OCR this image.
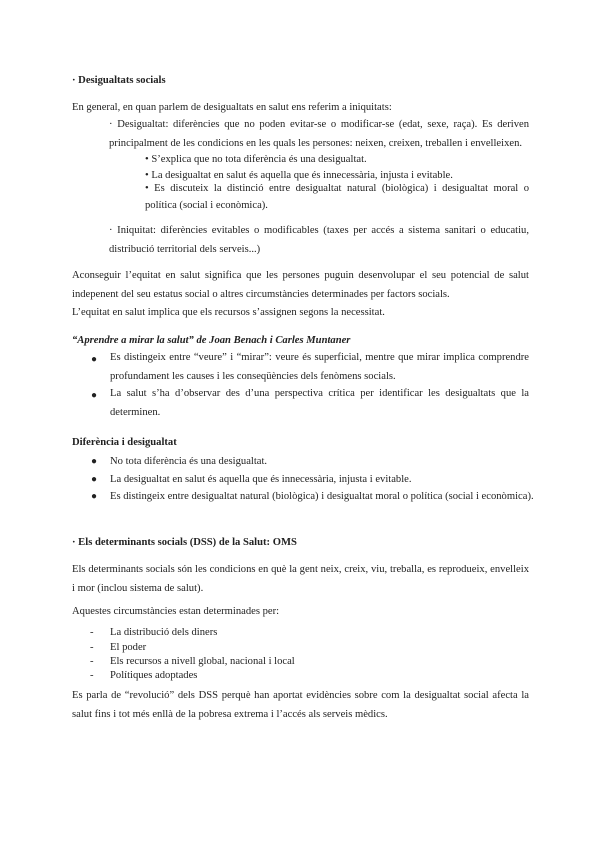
· Desigualtats socials
En general, en quan parlem de desigualtats en salut ens referim a iniquitats:
· Desigualtat: diferències que no poden evitar-se o modificar-se (edat, sexe, raça). Es deriven principalment de les condicions en les quals les persones: neixen, creixen, treballen i envelleixen.
• S’explica que no tota diferència és una desigualtat.
• La desigualtat en salut és aquella que és innecessària, injusta i evitable.
• Es discuteix la distinció entre desigualtat natural (biològica) i desigualtat moral o política (social i econòmica).
· Iniquitat: diferències evitables o modificables (taxes per accés a sistema sanitari o educatiu, distribució territorial dels serveis...)
Aconseguir l’equitat en salut significa que les persones puguin desenvolupar el seu potencial de salut indepenent del seu estatus social o altres circumstàncies determinades per factors socials.
L’equitat en salut implica que els recursos s’assignen segons la necessitat.
“Aprendre a mirar la salut” de Joan Benach i Carles Muntaner
● Es distingeix entre “veure” i “mirar”: veure és superficial, mentre que mirar implica comprendre profundament les causes i les conseqüències dels fenòmens socials.
● La salut s’ha d’observar des d’una perspectiva crítica per identificar les desigualtats que la determinen.
Diferència i desigualtat
● No tota diferència és una desigualtat.
● La desigualtat en salut és aquella que és innecessària, injusta i evitable.
● Es distingeix entre desigualtat natural (biològica) i desigualtat moral o política (social i econòmica).
· Els determinants socials (DSS) de la Salut: OMS
Els determinants socials són les condicions en què la gent neix, creix, viu, treballa, es reprodueix, envelleix i mor (inclou sistema de salut).
Aquestes circumstàncies estan determinades per:
- La distribució dels diners
- El poder
- Els recursos a nivell global, nacional i local
- Polítiques adoptades
Es parla de “revolució” dels DSS perquè han aportat evidències sobre com la desigualtat social afecta la salut fins i tot més enllà de la pobresa extrema i l’accés als serveis mèdics.
